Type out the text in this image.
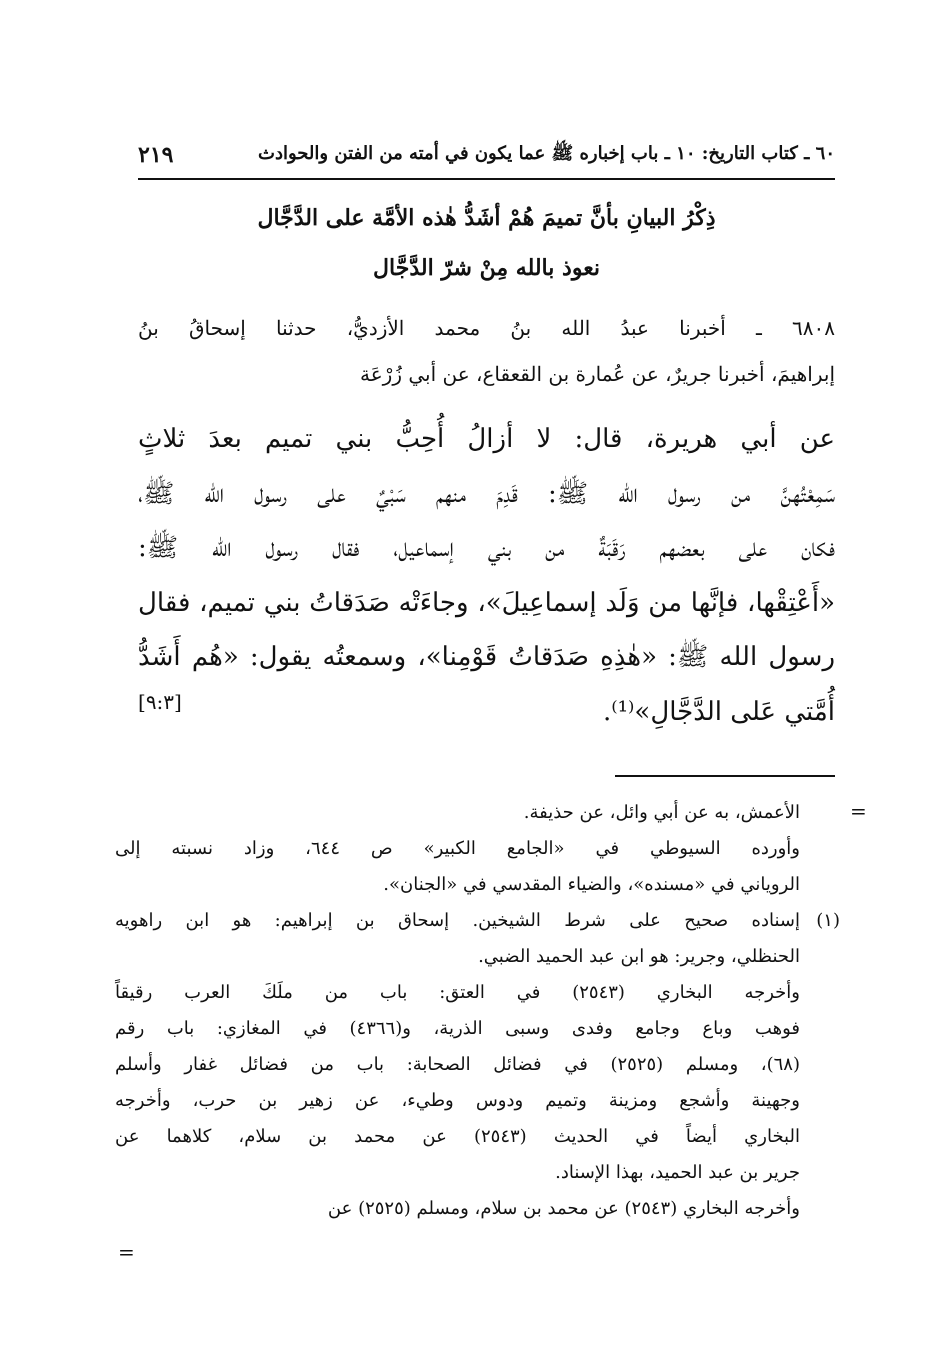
٦٠ ـ كتاب التاريخ: ١٠ ـ باب إخباره ﷺ عما يكون في أمته من الفتن والحوادث
٢١٩
ذِكْرُ البيانِ بأنَّ تميمَ هُمْ أشَدُّ هٰذه الأمَّة على الدَّجَّال
نعوذ بالله مِنْ شرّ الدَّجَّال

٦٨٠٨ ـ أخبرنا عبدُ الله بنُ محمد الأزديُّ، حدثنا إسحاقُ بنُ

إبراهيمَ، أخبرنا جريرٌ، عن عُمارة بن القعقاع، عن أبي زُرْعَة

عن أبي هريرة، قال: لا أزالُ أُحِبُّ بني تميم بعدَ ثلاثٍ

سَمِعْتُهنَّ من رسول الله ﷺ: قَدِمَ منهم سَبْيٌ على رسول الله ﷺ،

فكان على بعضهم رَقَبَةٌ من بني إسماعيل، فقال رسول الله ﷺ:

«أَعْتِقْها، فإنَّها من وَلَد إسماعِيلَ»، وجاءَتْه صَدَقاتُ بني تميم، فقال

رسول الله ﷺ: «هٰذِهِ صَدَقاتُ قَوْمِنا»، وسمعتُه يقول: «هُم أَشَدُّ

أُمَّتي عَلى الدَّجَّالِ»⁽¹⁾.

[٩:٣]
=
=
الأعمش، به عن أبي وائل، عن حذيفة.
وأورده السيوطي في «الجامع الكبير» ص ٦٤٤، وزاد نسبته إلى
الروياني في «مسنده»، والضياء المقدسي في «الجنان».
(١)
إسناده صحيح على شرط الشيخين. إسحاق بن إبراهيم: هو ابن راهويه
الحنظلي، وجرير: هو ابن عبد الحميد الضبي.
وأخرجه البخاري (٢٥٤٣) في العتق: باب من ملَكَ العرب رقيقاً
فوهب وباع وجامع وفدى وسبى الذرية، و(٤٣٦٦) في المغازي: باب رقم
(٦٨)، ومسلم (٢٥٢٥) في فضائل الصحابة: باب من فضائل غفار وأسلم
وجهينة وأشجع ومزينة وتميم ودوس وطيء، عن زهير بن حرب، وأخرجه
البخاري أيضاً في الحديث (٢٥٤٣) عن محمد بن سلام، كلاهما عن
جرير بن عبد الحميد، بهذا الإسناد.
وأخرجه البخاري (٢٥٤٣) عن محمد بن سلام، ومسلم (٢٥٢٥) عن
